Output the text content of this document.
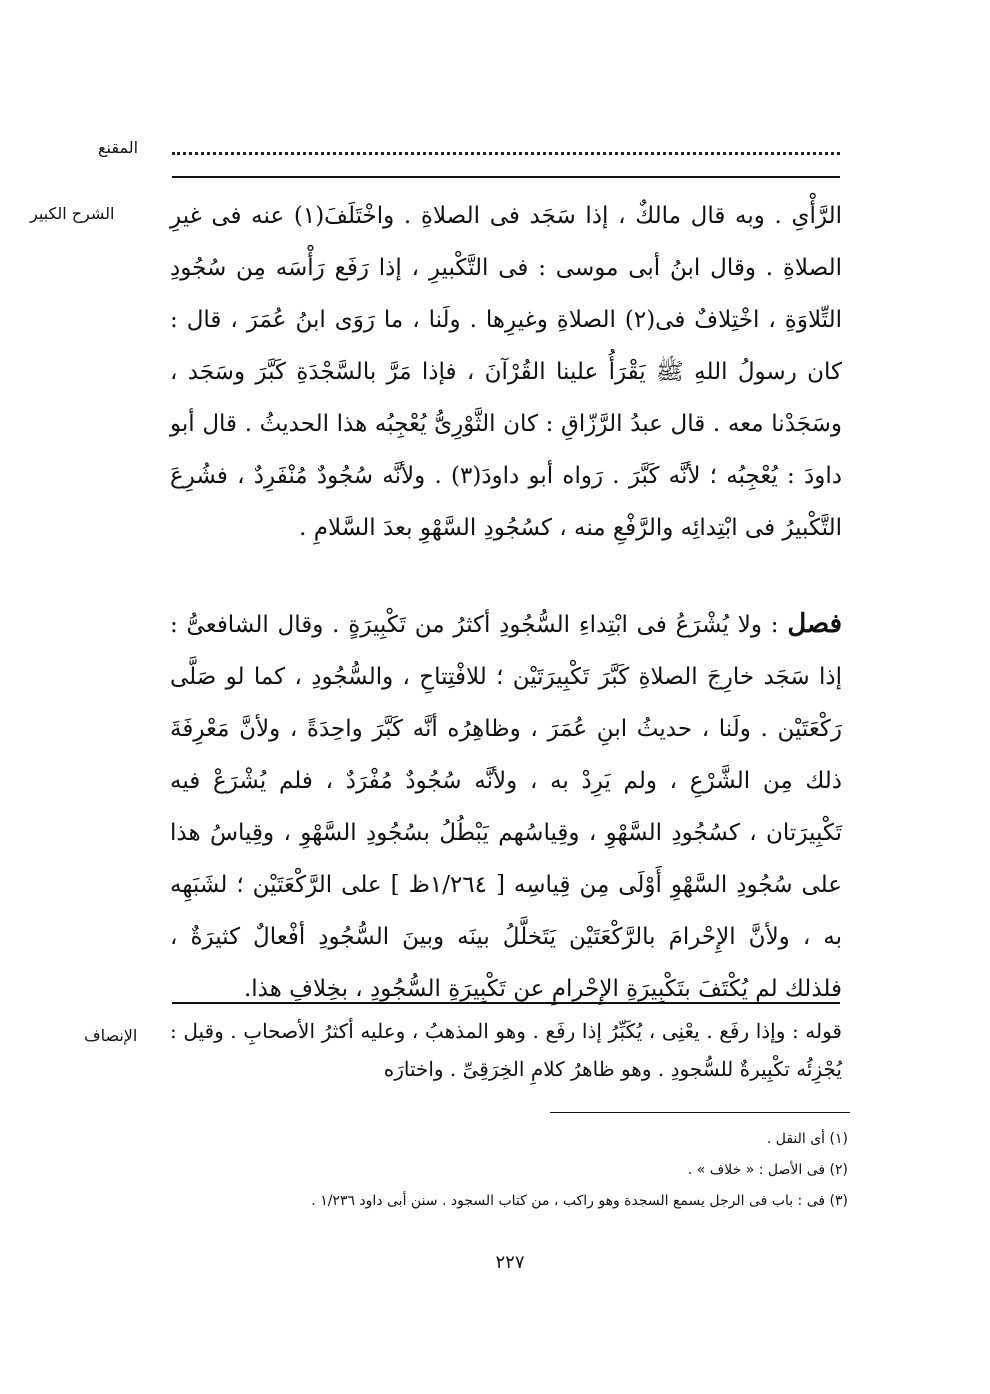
المقنع
الشرح الكبير الرَّأْىِ . وبه قال مالكٌ ، إذا سَجَد فى الصلاةِ . واخْتَلَفَ(١) عنه فى غيرِ الصلاةِ . وقال ابنُ أبى موسى : فى التَّكْبيرِ ، إذا رَفَع رَأْسَه مِن سُجُودِ التِّلاوَةِ ، اخْتِلافٌ فى(٢) الصلاةِ وغيرِها . ولَنا ، ما رَوَى ابنُ عُمَرَ ، قال : كان رسولُ اللهِ ﷺ يَقْرَأُ علينا القُرْآنَ ، فإذا مَرَّ بالسَّجْدَةِ كَبَّرَ وسَجَد ، وسَجَدْنا معه . قال عبدُ الرَّزّاقِ : كان الثَّوْرِىُّ يُعْجِبُه هذا الحديثُ . قال أبو داودَ : يُعْجِبُه ؛ لأنَّه كَبَّرَ . رَواه أبو داودَ(٣) . ولأنَّه سُجُودٌ مُنْفَرِدٌ ، فشُرِعَ التَّكْبيرُ فى ابْتِدائِه والرَّفْعِ منه ، كسُجُودِ السَّهْوِ بعدَ السَّلامِ .

فصل : ولا يُشْرَعُ فى ابْتِداءِ السُّجُودِ أكثرُ من تَكْبِيرَةٍ . وقال الشافعىُّ : إذا سَجَد خارِجَ الصلاةِ كَبَّرَ تَكْبِيرَتَيْن ؛ للافْتِتاحِ ، والسُّجُودِ ، كما لو صَلَّى رَكْعَتَيْن . ولَنا ، حديثُ ابنِ عُمَرَ ، وظاهِرُه أنَّه كَبَّرَ واحِدَةً ، ولأنَّ مَعْرِفَةَ ذلك مِن الشَّرْعِ ، ولم يَرِدْ به ، ولأنَّه سُجُودٌ مُفْرَدٌ ، فلم يُشْرَعْ فيه تَكْبِيرَتان ، كسُجُودِ السَّهْوِ ، وقِياسُهم يَبْطُلُ بسُجُودِ السَّهْوِ ، وقِياسُ هذا على سُجُودِ السَّهْوِ أَوْلَى مِن قِياسِه [ ١/٢٦٤ظ ] على الرَّكْعَتَيْن ؛ لشَبَهِه به ، ولأنَّ الإِحْرامَ بالرَّكْعَتَيْن يَتَخلَّلُ بينَه وبينَ السُّجُودِ أفْعالٌ كثيرَةٌ ، فلذلك لم يُكْتَفَ بتَكْبِيرَةِ الإِحْرامِ عن تَكْبِيرَةِ السُّجُودِ ، بخِلافِ هذا.

الإنصاف قوله : وإذا رفَع . يعْنِى ، يُكَبِّرُ إذا رفَع . وهو المذهبُ ، وعليه أكثرُ الأصحابِ . وقيل : يُجْزِئُه تكْبِيرةٌ للسُّجودِ . وهو ظاهرُ كلامِ الخِرَقِىِّ . واختارَه

(١) أى النقل .
(٢) فى الأصل : « خلاف » .
(٣) فى : باب فى الرجل يسمع السجدة وهو راكب ، من كتاب السجود . سنن أبى داود ١/٢٣٦ .
٢٢٧
